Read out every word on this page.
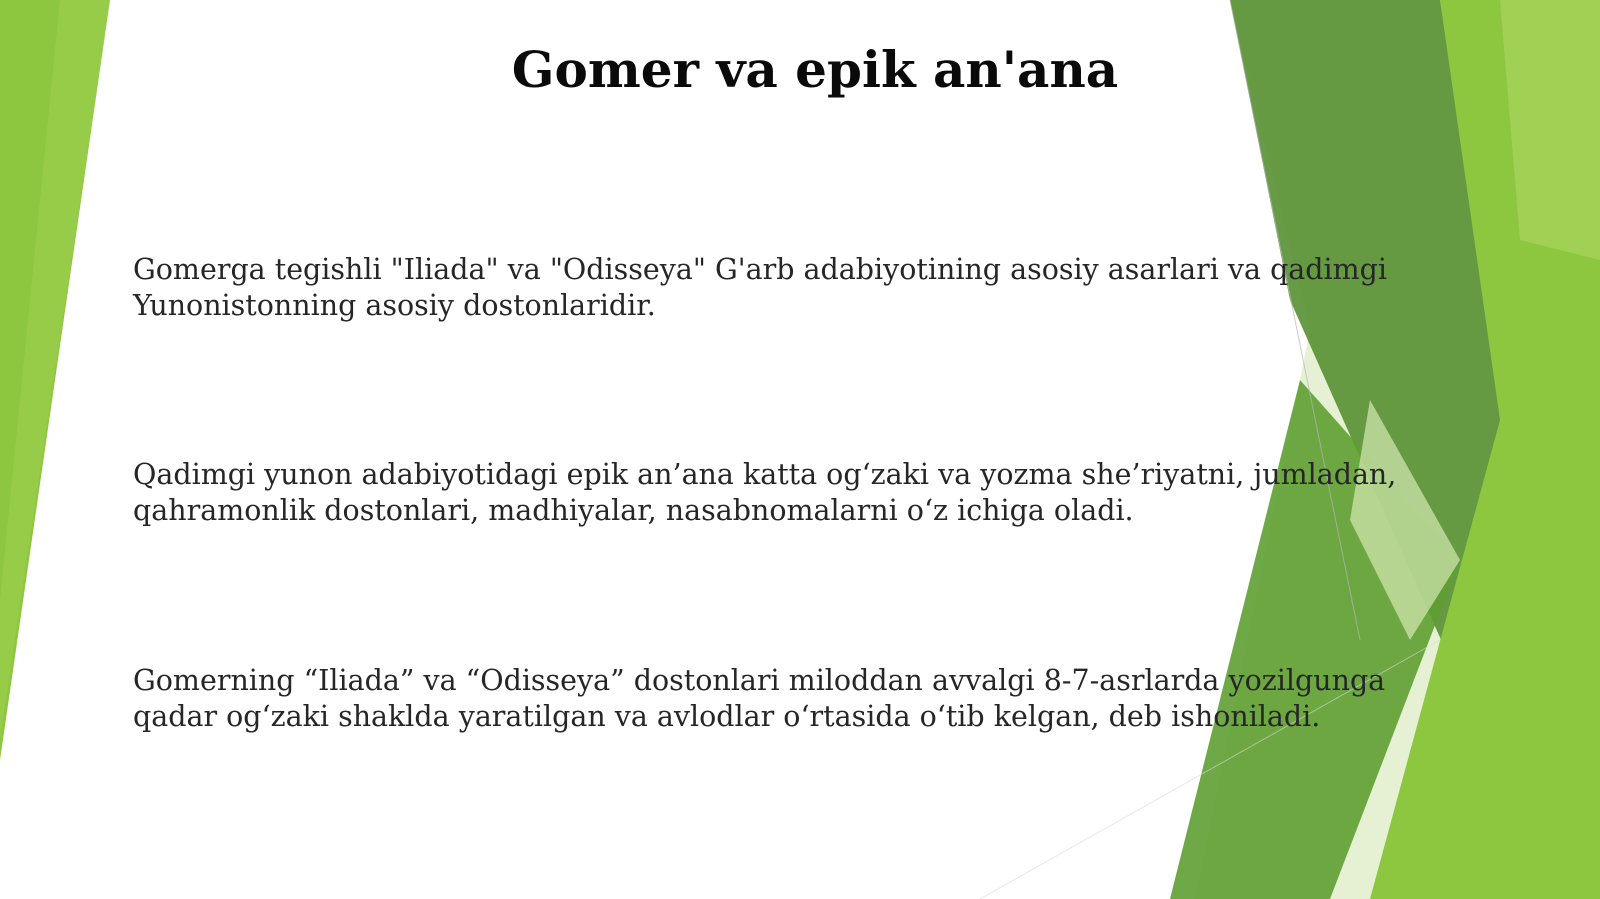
Gomer va epik an'ana

Gomerga tegishli "Iliada" va "Odisseya" G'arb adabiyotining asosiy asarlari va qadimgi Yunonistonning asosiy dostonlaridir.

Qadimgi yunon adabiyotidagi epik an’ana katta og‘zaki va yozma she’riyatni, jumladan, qahramonlik dostonlari, madhiyalar, nasabnomalarni o‘z ichiga oladi.

Gomerning “Iliada” va “Odisseya” dostonlari miloddan avvalgi 8-7-asrlarda yozilgunga qadar og‘zaki shaklda yaratilgan va avlodlar o‘rtasida o‘tib kelgan, deb ishoniladi.
